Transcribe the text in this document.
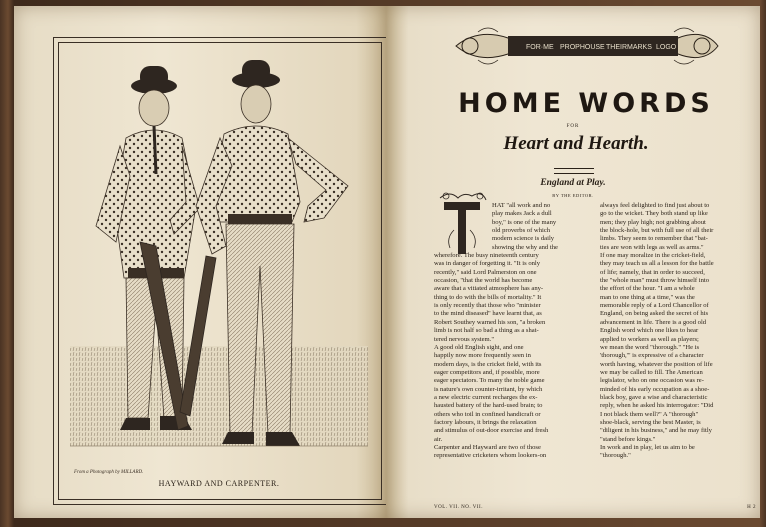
From a Photograph by MILLARD.
HAYWARD AND CARPENTER.
FOR·ME PROPHOUSE THEIRMARKS LOGO
HOME WORDS
FOR
Heart and Hearth.
England at Play.
BY THE EDITOR.
HAT "all work and no
play makes Jack a dull
boy," is one of the many
old proverbs of which
modern science is daily
showing the why and the
wherefore. The busy nineteenth century
was in danger of forgetting it. "It is only
recently," said Lord Palmerston on one
occasion, "that the world has become
aware that a vitiated atmosphere has any-
thing to do with the bills of mortality." It
is only recently that those who "minister
to the mind diseased" have learnt that, as
Robert Southey warned his son, "a broken
limb is not half so bad a thing as a shat-
tered nervous system."
A good old English sight, and one
happily now more frequently seen in
modern days, is the cricket field, with its
eager competitors and, if possible, more
eager spectators. To many the noble game
is nature's own counter-irritant, by which
a new electric current recharges the ex-
hausted battery of the hard-used brain; to
others who toil in confined handicraft or
factory labours, it brings the relaxation
and stimulus of out-door exercise and fresh
air.
Carpenter and Hayward are two of those
representative cricketers whom lookers-on
always feel delighted to find just about to
go to the wicket. They both stand up like
men; they play high; not grabbing about
the block-hole, but with full use of all their
limbs. They seem to remember that "bat-
ties are won with legs as well as arms."
If one may moralize in the cricket-field,
they may teach us all a lesson for the battle
of life; namely, that in order to succeed,
the "whole man" must throw himself into
the effort of the hour. "I am a whole
man to one thing at a time," was the
memorable reply of a Lord Chancellor of
England, on being asked the secret of his
advancement in life. There is a good old
English word which one likes to hear
applied to workers as well as players;
we mean the word "thorough." "He is
'thorough,'" is expressive of a character
worth having, whatever the position of life
we may be called to fill. The American
legislator, who on one occasion was re-
minded of his early occupation as a shoe-
black boy, gave a wise and characteristic
reply, when he asked his interrogator: "Did
I not black them well?" A "thorough"
shoe-black, serving the best Master, is
"diligent in his business," and he may fitly
"stand before kings."
In work and in play, let us aim to be
"thorough."
VOL. VII. NO. VII.	H 2
